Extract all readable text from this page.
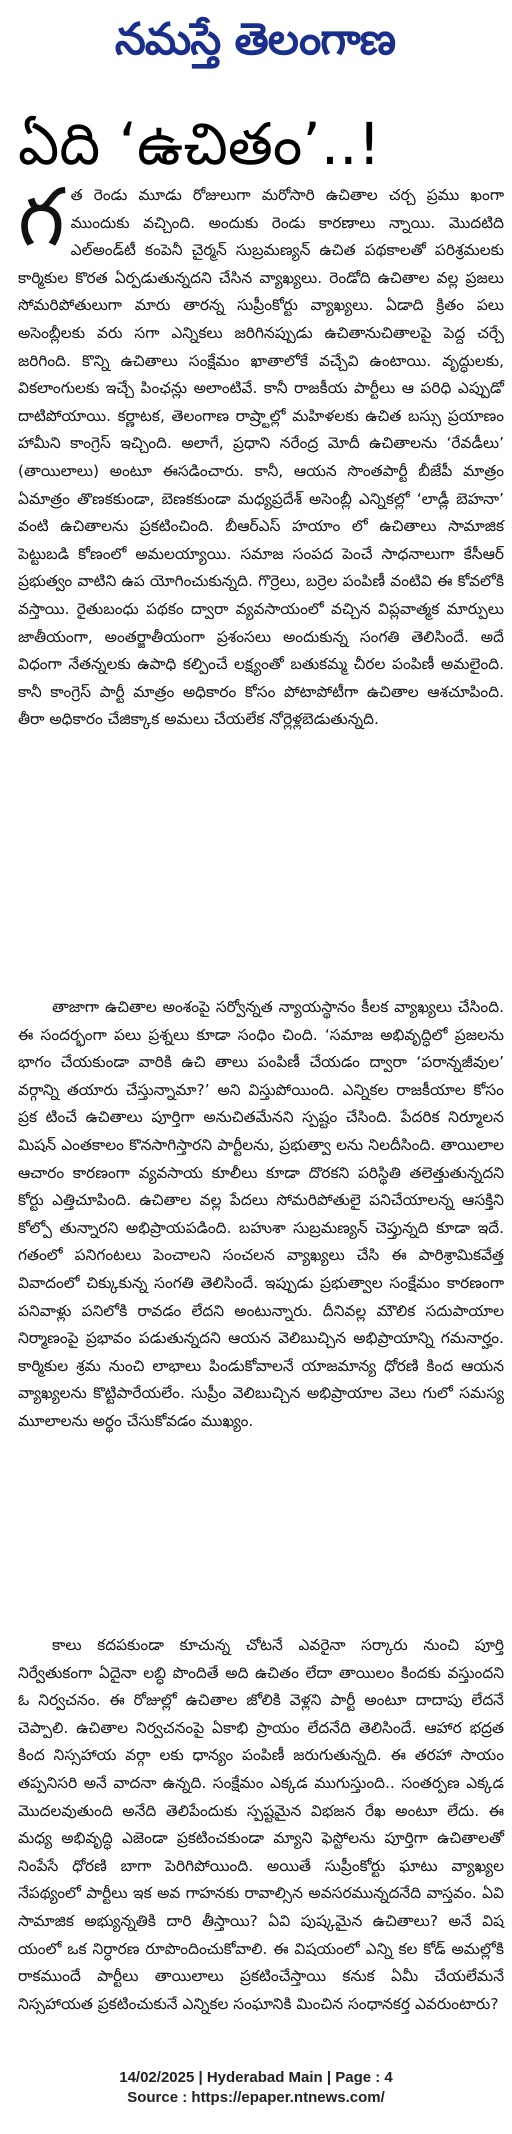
నమస్తే తెలంగాణ
ఏది ‘ఉచితం’..!

గత రెండు మూడు రోజులుగా మరోసారి ఉచితాల చర్చ ప్రము ఖంగా ముందుకు వచ్చింది. అందుకు రెండు కారణాలు న్నాయి. మొదటిది ఎల్‌అండ్‌టీ కంపెనీ చైర్మన్ సుబ్రమణ్యన్ ఉచిత పథకాలతో పరిశ్రమలకు కార్మికుల కొరత ఏర్పడుతున్నదని చేసిన వ్యాఖ్యలు. రెండోది ఉచితాల వల్ల ప్రజలు సోమరిపోతులుగా మారు తారన్న సుప్రీంకోర్టు వ్యాఖ్యలు. ఏడాది క్రితం పలు అసెంబ్లీలకు వరు సగా ఎన్నికలు జరిగినప్పుడు ఉచితానుచితాలపై పెద్ద చర్చే జరిగింది. కొన్ని ఉచితాలు సంక్షేమం ఖాతాలోకే వచ్చేవి ఉంటాయి. వృద్ధులకు, వికలాంగులకు ఇచ్చే పింఛన్లు అలాంటివే. కానీ రాజకీయ పార్టీలు ఆ పరిధి ఎప్పుడో దాటిపోయాయి. కర్ణాటక, తెలంగాణ రాష్ర్టాల్లో మహిళలకు ఉచిత బస్సు ప్రయాణం హామీని కాంగ్రెస్ ఇచ్చింది. అలాగే, ప్రధాని నరేంద్ర మోదీ ఉచితాలను ‘రేవడీలు’ (తాయిలాలు) అంటూ ఈసడించారు. కానీ, ఆయన సొంతపార్టీ బీజేపీ మాత్రం ఏమాత్రం తొణకకుండా, బెణకకుండా మధ్యప్రదేశ్ అసెంబ్లీ ఎన్నికల్లో ‘లాడ్లీ బెహనా’ వంటి ఉచితాలను ప్రకటించింది. బీఆర్‌ఎస్ హయాం లో ఉచితాలు సామాజిక పెట్టుబడి కోణంలో అమలయ్యాయి. సమాజ సంపద పెంచే సాధనాలుగా కేసీఆర్ ప్రభుత్వం వాటిని ఉప యోగించుకున్నది. గొర్రెలు, బర్రెల పంపిణీ వంటివి ఈ కోవలోకి వస్తాయి. రైతుబంధు పథకం ద్వారా వ్యవసాయంలో వచ్చిన విప్లవాత్మక మార్పులు జాతీయంగా, అంతర్జాతీయంగా ప్రశంసలు అందుకున్న సంగతి తెలిసిందే. అదే విధంగా నేతన్నలకు ఉపాధి కల్పించే లక్ష్యంతో బతుకమ్మ చీరల పంపిణీ అమలైంది. కానీ కాంగ్రెస్ పార్టీ మాత్రం అధికారం కోసం పోటాపోటీగా ఉచితాల ఆశచూపింది. తీరా అధికారం చేజిక్కాక అమలు చేయలేక నోర్లెళ్లబెడుతున్నది.

తాజాగా ఉచితాల అంశంపై సర్వోన్నత న్యాయస్థానం కీలక వ్యాఖ్యలు చేసింది. ఈ సందర్భంగా పలు ప్రశ్నలు కూడా సంధిం చింది. ‘సమాజ అభివృద్ధిలో ప్రజలను భాగం చేయకుండా వారికి ఉచి తాలు పంపిణీ చేయడం ద్వారా ‘పరాన్నజీవుల’ వర్గాన్ని తయారు చేస్తున్నామా?’ అని విస్తుపోయింది. ఎన్నికల రాజకీయాల కోసం ప్రక టించే ఉచితాలు పూర్తిగా అనుచితమేనని స్పష్టం చేసింది. పేదరిక నిర్మూలన మిషన్ ఎంతకాలం కొనసాగిస్తారని పార్టీలను, ప్రభుత్వా లను నిలదీసింది. తాయిలాల ఆచారం కారణంగా వ్యవసాయ కూలీలు కూడా దొరకని పరిస్థితి తలెత్తుతున్నదని కోర్టు ఎత్తిచూపింది. ఉచితాల వల్ల పేదలు సోమరిపోతులై పనిచేయాలన్న ఆసక్తిని కోల్పో తున్నారని అభిప్రాయపడింది. బహుశా సుబ్రమణ్యన్ చెప్తున్నది కూడా ఇదే. గతంలో పనిగంటలు పెంచాలని సంచలన వ్యాఖ్యలు చేసి ఈ పారిశ్రామికవేత్త వివాదంలో చిక్కుకున్న సంగతి తెలిసిందే. ఇప్పుడు ప్రభుత్వాల సంక్షేమం కారణంగా పనివాళ్లు పనిలోకి రావడం లేదని అంటున్నారు. దీనివల్ల మౌలిక సదుపాయాల నిర్మాణంపై ప్రభావం పడుతున్నదని ఆయన వెలిబుచ్చిన అభిప్రాయాన్ని గమనార్హం. కార్మికుల శ్రమ నుంచి లాభాలు పిండుకోవాలనే యాజమాన్య ధోరణి కింద ఆయన వ్యాఖ్యలను కొట్టిపారేయలేం. సుప్రీం వెలిబుచ్చిన అభిప్రాయాల వెలు గులో సమస్య మూలాలను అర్థం చేసుకోవడం ముఖ్యం.

కాలు కదపకుండా కూచున్న చోటనే ఎవరైనా సర్కారు నుంచి పూర్తి నిర్వేతుకంగా ఏదైనా లబ్ధి పొందితే అది ఉచితం లేదా తాయిలం కిందకు వస్తుందని ఓ నిర్వచనం. ఈ రోజుల్లో ఉచితాల జోలికి వెళ్లని పార్టీ అంటూ దాదాపు లేదనే చెప్పాలి. ఉచితాల నిర్వచనంపై ఏకాభి ప్రాయం లేదనేది తెలిసిందే. ఆహార భద్రత కింద నిస్సహాయ వర్గా లకు ధాన్యం పంపిణీ జరుగుతున్నది. ఈ తరహా సాయం తప్పనిసరి అనే వాదనా ఉన్నది. సంక్షేమం ఎక్కడ ముగుస్తుంది.. సంతర్పణ ఎక్కడ మొదలవుతుంది అనేది తెలిపేందుకు స్పష్టమైన విభజన రేఖ అంటూ లేదు. ఈ మధ్య అభివృద్ధి ఎజెండా ప్రకటించకుండా మ్యాని ఫెస్టోలను పూర్తిగా ఉచితాలతో నింపేసే ధోరణి బాగా పెరిగిపోయింది. అయితే సుప్రీంకోర్టు ఘాటు వ్యాఖ్యల నేపథ్యంలో పార్టీలు ఇక అవ గాహనకు రావాల్సిన అవసరమున్నదనేది వాస్తవం. ఏవి సామాజిక అభ్యున్నతికి దారి తీస్తాయి? ఏవి పుష్కమైన ఉచితాలు? అనే విష యంలో ఒక నిర్ధారణ రూపొందించుకోవాలి. ఈ విషయంలో ఎన్ని కల కోడ్ అమల్లోకి రాకముందే పార్టీలు తాయిలాలు ప్రకటించేస్తాయి కనుక ఏమీ చేయలేమనే నిస్సహాయత ప్రకటించుకునే ఎన్నికల సంఘానికి మించిన సంధానకర్త ఎవరుంటారు?

14/02/2025 | Hyderabad Main | Page : 4
Source : https://epaper.ntnews.com/
